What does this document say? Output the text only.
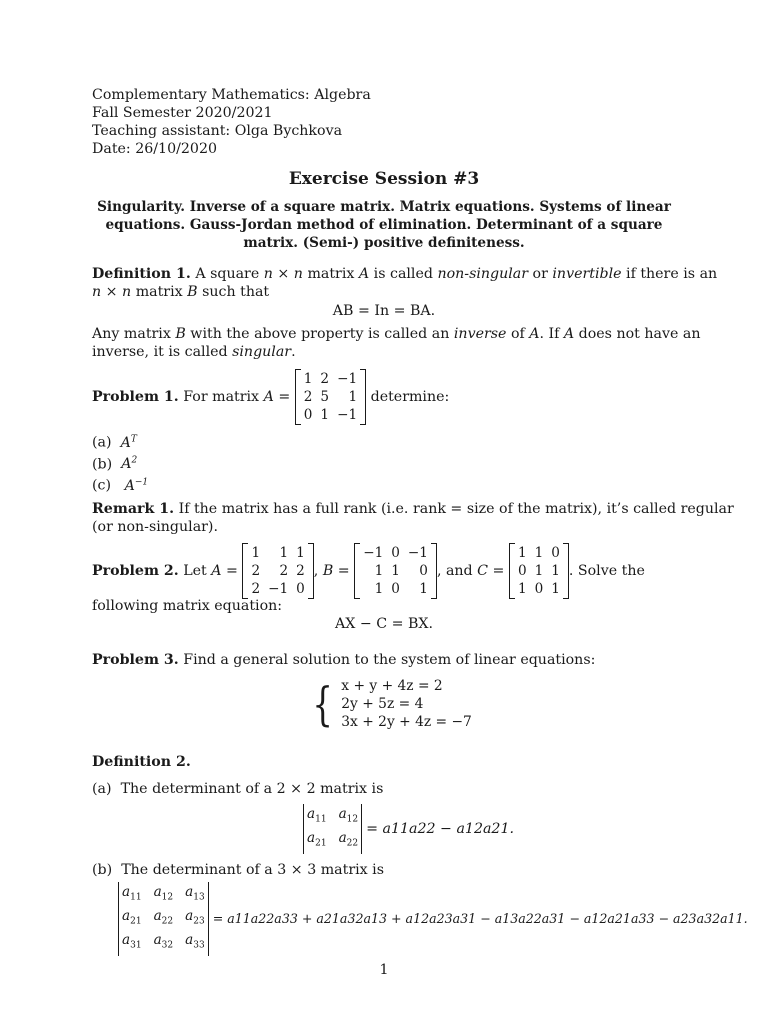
Complementary Mathematics: Algebra
Fall Semester 2020/2021
Teaching assistant: Olga Bychkova
Date: 26/10/2020
Exercise Session #3
Singularity. Inverse of a square matrix. Matrix equations. Systems of linear equations. Gauss-Jordan method of elimination. Determinant of a square matrix. (Semi-) positive definiteness.
Definition 1. A square n × n matrix A is called non-singular or invertible if there is an
n × n matrix B such that
AB = In = BA.
Any matrix B with the above property is called an inverse of A. If A does not have an
inverse, it is called singular.
Problem 1. For matrix A =
1 2 −1
2 5	1
0 1 −1
determine:
(a) $A^T$
(b) $A^2$
(c) $A^{-1}$
Remark 1. If the matrix has a full rank (i.e. rank = size of the matrix), it’s called regular
(or non-singular).
Problem 2. Let A =
1	1 1
2	2 2
2 −1 0
, B =
−1 0 −1
1 1	0
1 0	1
, and C =
1 1 0
0 1 1
1 0 1
. Solve the
following matrix equation:
AX − C = BX.
Problem 3. Find a general solution to the system of linear equations:
{ x + y + 4z = 2
2y + 5z = 4
3x + 2y + 4z = −7
Definition 2.
(a) The determinant of a 2 × 2 matrix is
$a_{11}$ $a_{12}$
$a_{21}$ $a_{22}$
= a11a22 − a12a21.
(b) The determinant of a 3 × 3 matrix is
$a_{11}$ $a_{12}$ $a_{13}$
$a_{21}$ $a_{22}$ $a_{23}$
$a_{31}$ $a_{32}$ $a_{33}$
= a11a22a33 + a21a32a13 + a12a23a31 − a13a22a31 − a12a21a33 − a23a32a11.
1
